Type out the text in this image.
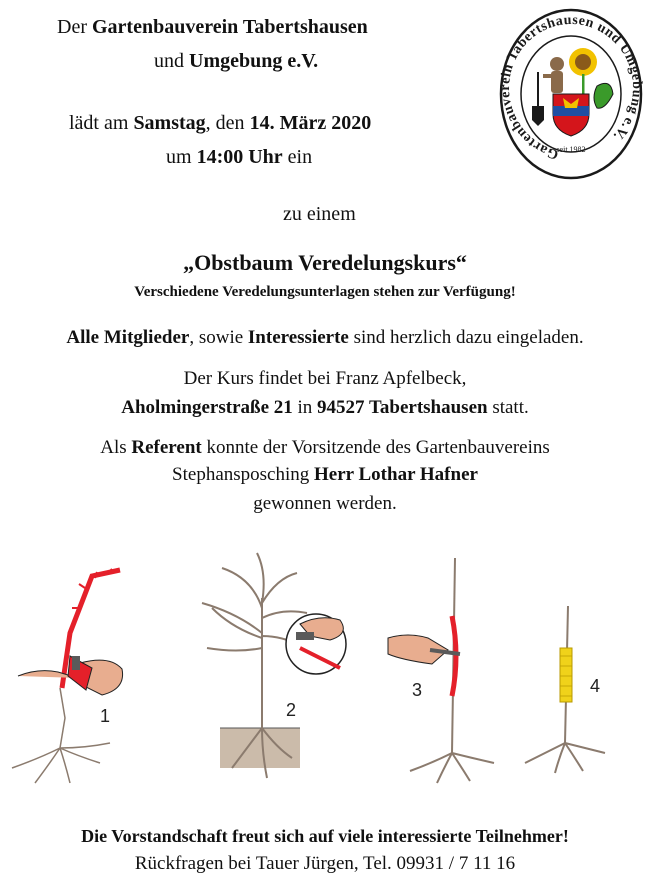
Der Gartenbauverein Tabertshausen
und Umgebung e.V.
lädt am Samstag, den 14. März 2020
um 14:00 Uhr ein
zu einem
„Obstbaum Veredelungskurs“
Verschiedene Veredelungsunterlagen stehen zur Verfügung!
Alle Mitglieder, sowie Interessierte sind herzlich dazu eingeladen.
Der Kurs findet bei Franz Apfelbeck,
Aholmingerstraße 21 in 94527 Tabertshausen statt.
Als Referent konnte der Vorsitzende des Gartenbauvereins
Stephansposching Herr Lothar Hafner
gewonnen werden.
Gartenbauverein Tabertshausen und Umgebung e.V.
seit 1982
1	2
3	4
Die Vorstandschaft freut sich auf viele interessierte Teilnehmer!
Rückfragen bei Tauer Jürgen, Tel. 09931 / 7 11 16
